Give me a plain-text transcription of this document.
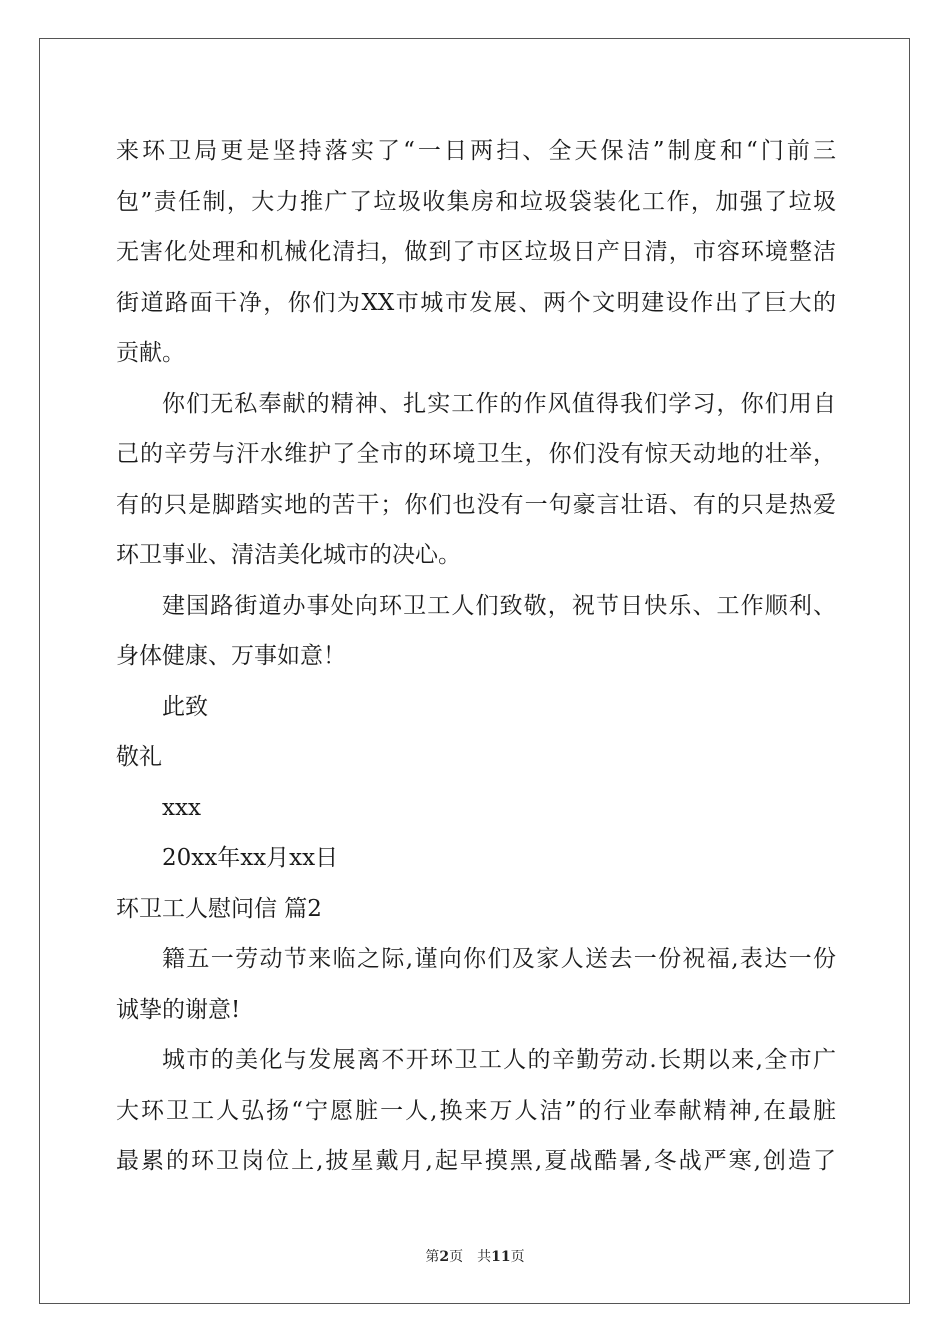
来环卫局更是坚持落实了“一日两扫、全天保洁”制度和“门前三
包”责任制，大力推广了垃圾收集房和垃圾袋装化工作，加强了垃圾
无害化处理和机械化清扫，做到了市区垃圾日产日清，市容环境整洁
街道路面干净，你们为XX市城市发展、两个文明建设作出了巨大的
贡献。
你们无私奉献的精神、扎实工作的作风值得我们学习，你们用自
己的辛劳与汗水维护了全市的环境卫生，你们没有惊天动地的壮举，
有的只是脚踏实地的苦干；你们也没有一句豪言壮语、有的只是热爱
环卫事业、清洁美化城市的决心。
建国路街道办事处向环卫工人们致敬，祝节日快乐、工作顺利、
身体健康、万事如意！
此致
敬礼
xxx
20xx年xx月xx日
环卫工人慰问信 篇2
籍五一劳动节来临之际,谨向你们及家人送去一份祝福,表达一份
诚挚的谢意!
城市的美化与发展离不开环卫工人的辛勤劳动.长期以来,全市广
大环卫工人弘扬“宁愿脏一人,换来万人洁”的行业奉献精神,在最脏
最累的环卫岗位上,披星戴月,起早摸黑,夏战酷暑,冬战严寒,创造了
第2页　共11页
